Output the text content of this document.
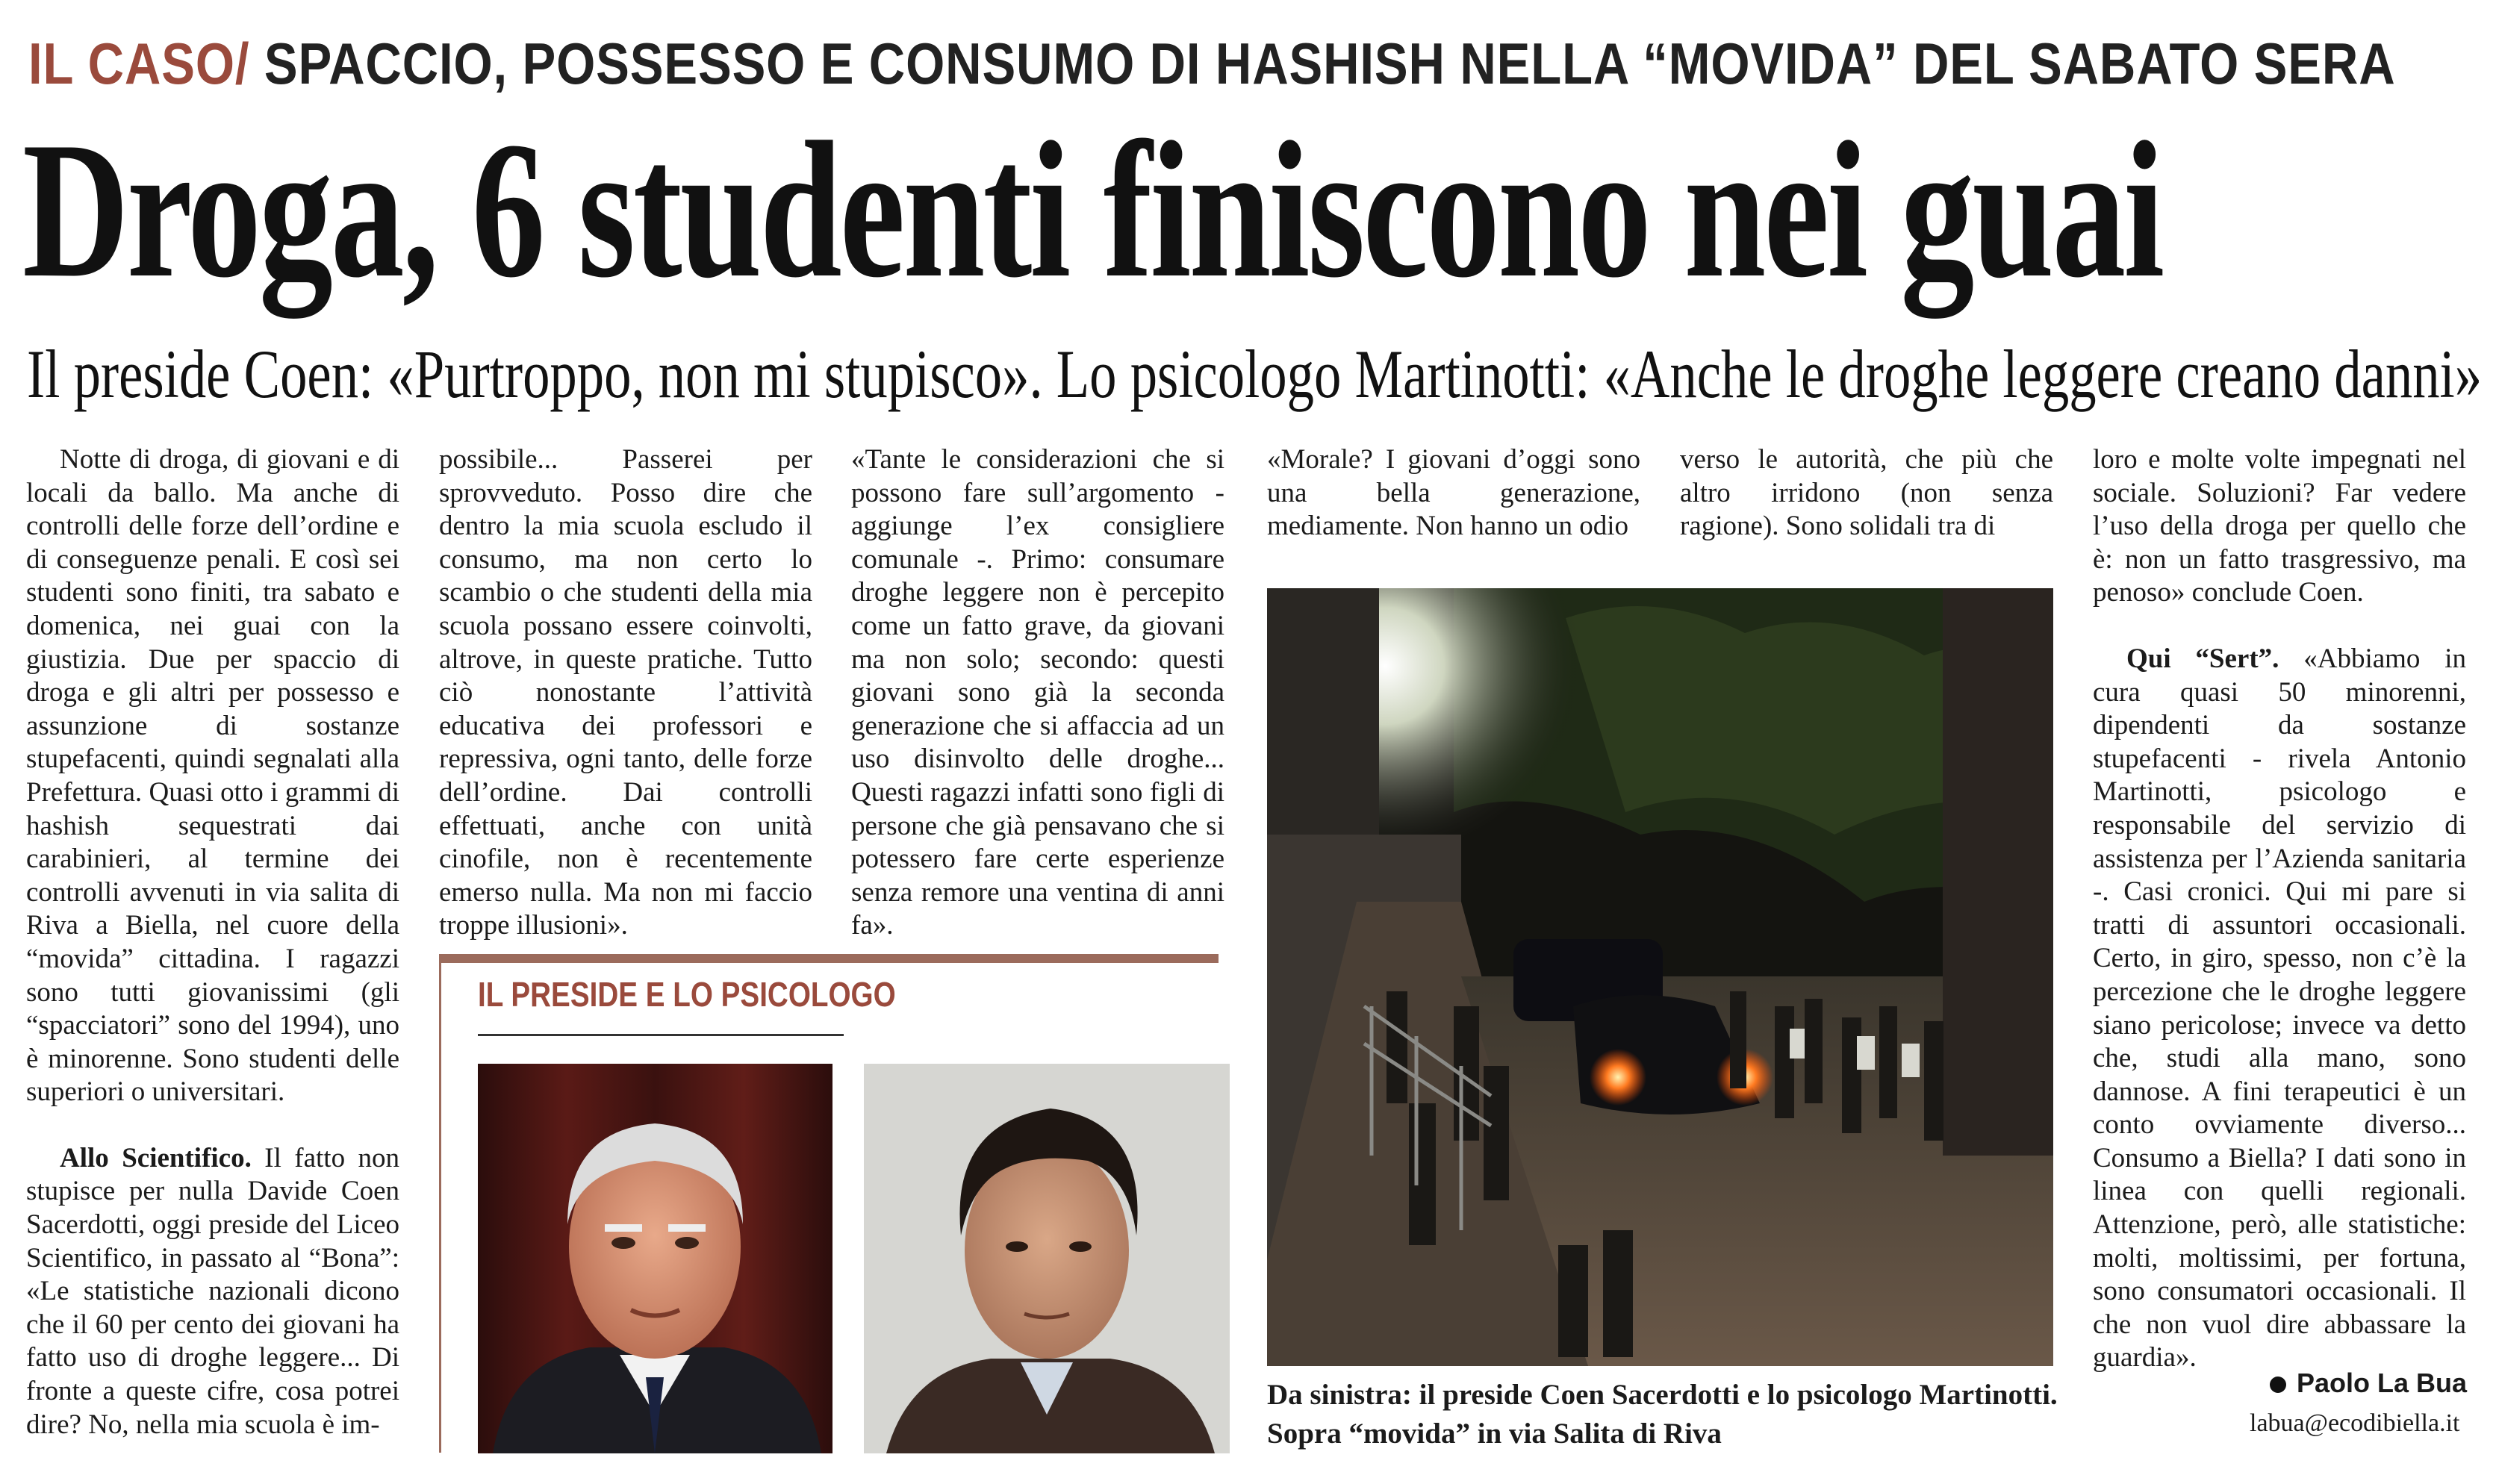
IL CASO/ SPACCIO, POSSESSO E CONSUMO DI HASHISH NELLA “MOVIDA” DEL SABATO SERA
Droga, 6 studenti finiscono nei guai
Il preside Coen: «Purtroppo, non mi stupisco». Lo psicologo Martinotti: «Anche le droghe leggere creano danni»

Notte di droga, di giovani e di locali da ballo. Ma anche di controlli delle forze dell’ordine e di conseguenze penali. E così sei studenti sono finiti, tra sabato e domenica, nei guai con la giustizia. Due per spaccio di droga e gli altri per possesso e assunzione di sostanze stupefacenti, quindi segnalati alla Prefettura. Quasi otto i grammi di hashish sequestrati dai carabinieri, al termine dei controlli avvenuti in via salita di Riva a Biella, nel cuore della “movida” cittadina. I ragazzi sono tutti giovanissimi (gli “spacciatori” sono del 1994), uno è minorenne. Sono studenti delle superiori o universitari.

Allo Scientifico. Il fatto non stupisce per nulla Davide Coen Sacerdotti, oggi preside del Liceo Scientifico, in passato al “Bona”: «Le statistiche nazionali dicono che il 60 per cento dei giovani ha fatto uso di droghe leggere... Di fronte a queste cifre, cosa potrei dire? No, nella mia scuola è im-

possibile... Passerei per sprovveduto. Posso dire che dentro la mia scuola escludo il consumo, ma non certo lo scambio o che studenti della mia scuola possano essere coinvolti, altrove, in queste pratiche. Tutto ciò nonostante l’attività educativa dei professori e repressiva, ogni tanto, delle forze dell’ordine. Dai controlli effettuati, anche con unità cinofile, non è recentemente emerso nulla. Ma non mi faccio troppe illusioni».

«Tante le considerazioni che si possono fare sull’argomento - aggiunge l’ex consigliere comunale -. Primo: consumare droghe leggere non è percepito come un fatto grave, da giovani ma non solo; secondo: questi giovani sono già la seconda generazione che si affaccia ad un uso disinvolto delle droghe... Questi ragazzi infatti sono figli di persone che già pensavano che si potessero fare certe esperienze senza remore una ventina di anni fa».

«Morale? I giovani d’oggi sono una bella generazione, mediamente. Non hanno un odio

verso le autorità, che più che altro irridono (non senza ragione). Sono solidali tra di

loro e molte volte impegnati nel sociale. Soluzioni? Far vedere l’uso della droga per quello che è: non un fatto trasgressivo, ma penoso» conclude Coen.

Qui “Sert”. «Abbiamo in cura quasi 50 minorenni, dipendenti da sostanze stupefacenti - rivela Antonio Martinotti, psicologo e responsabile del servizio di assistenza per l’Azienda sanitaria -. Casi cronici. Qui mi pare si tratti di assuntori occasionali. Certo, in giro, spesso, non c’è la percezione che le droghe leggere siano pericolose; invece va detto che, studi alla mano, sono dannose. A fini terapeutici è un conto ovviamente diverso... Consumo a Biella? I dati sono in linea con quelli regionali. Attenzione, però, alle statistiche: molti, moltissimi, per fortuna, sono consumatori occasionali. Il che non vuol dire abbassare la guardia».

IL PRESIDE E LO PSICOLOGO
Da sinistra: il preside Coen Sacerdotti e lo psicologo Martinotti. Sopra “movida” in via Salita di Riva
Paolo La Bua
labua@ecodibiella.it
